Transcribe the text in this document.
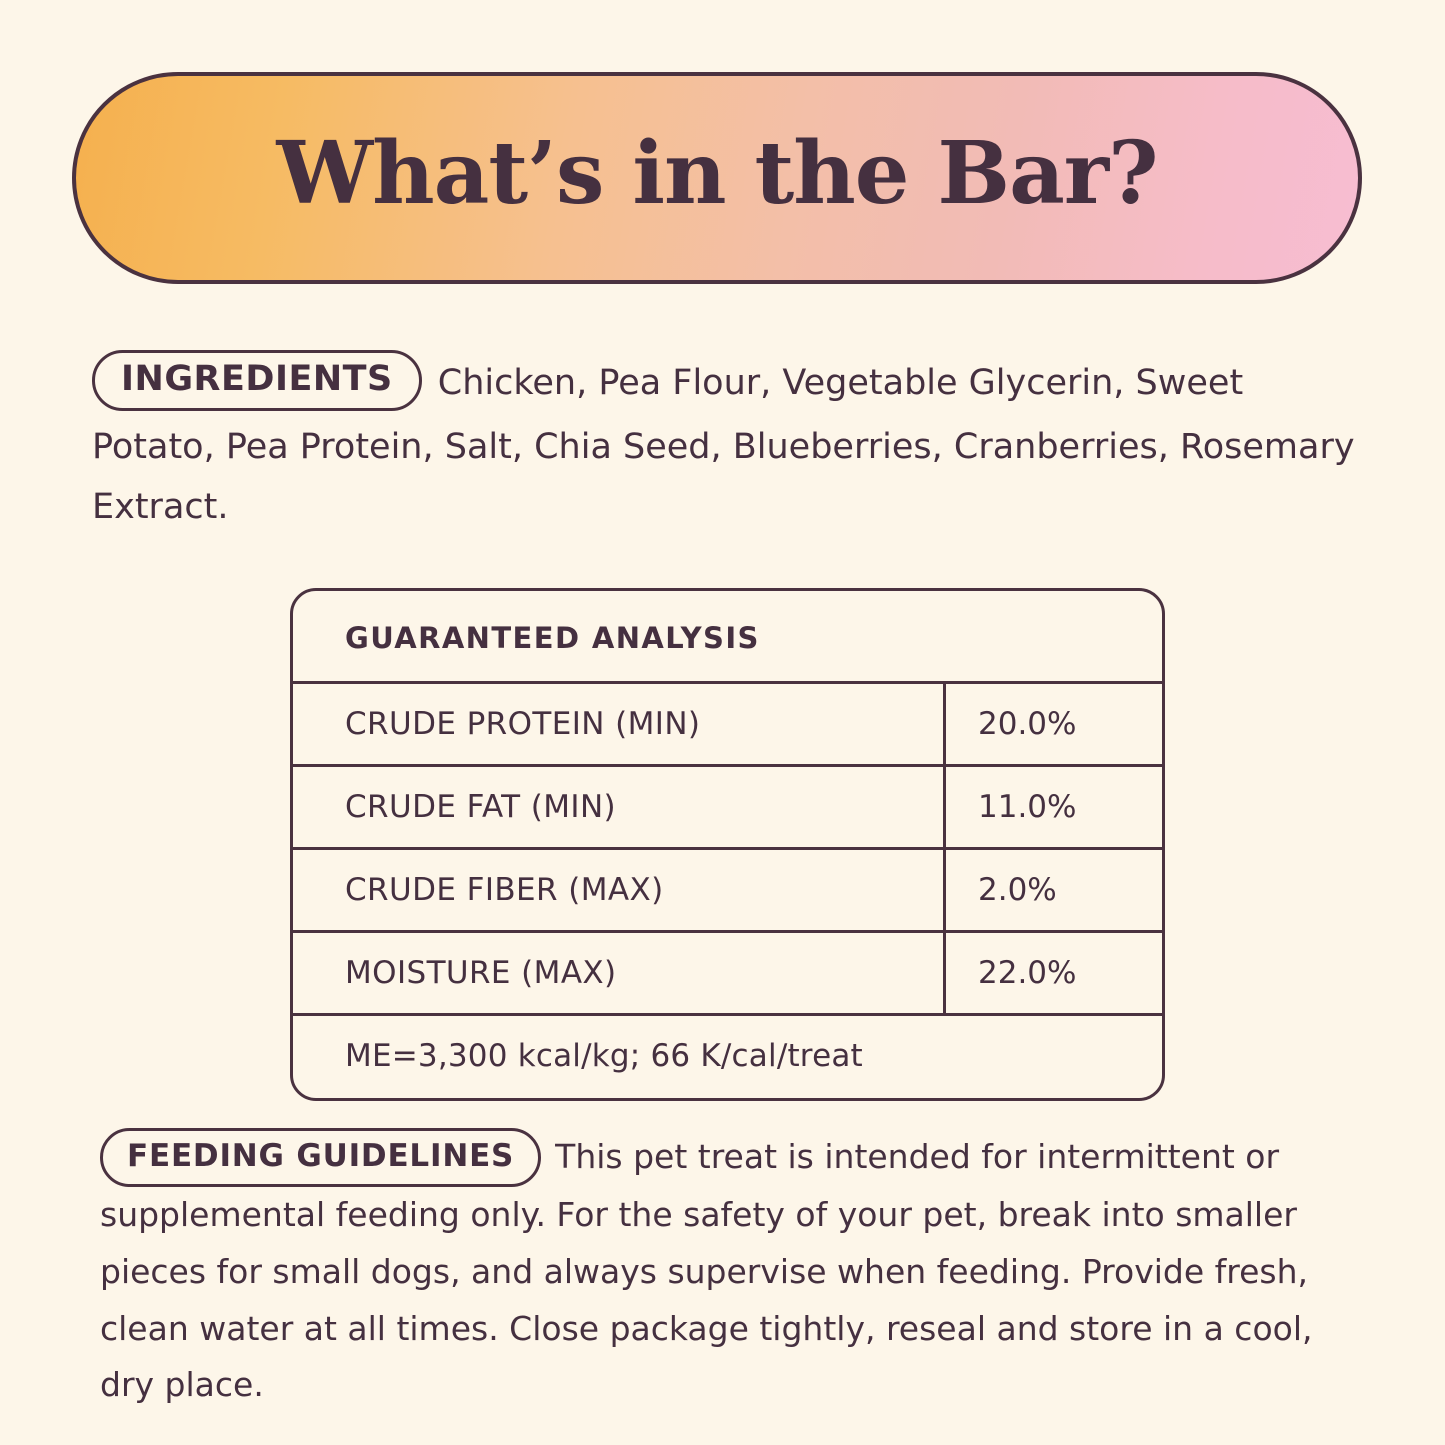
What’s in the Bar?
INGREDIENTS Chicken, Pea Flour, Vegetable Glycerin, Sweet Potato, Pea Protein, Salt, Chia Seed, Blueberries, Cranberries, Rosemary Extract.
GUARANTEED ANALYSIS
CRUDE PROTEIN (MIN)	20.0%
CRUDE FAT (MIN)	11.0%
CRUDE FIBER (MAX)	2.0%
MOISTURE (MAX)	22.0%
ME=3,300 kcal/kg; 66 K/cal/treat
FEEDING GUIDELINES This pet treat is intended for intermittent or supplemental feeding only. For the safety of your pet, break into smaller pieces for small dogs, and always supervise when feeding. Provide fresh, clean water at all times. Close package tightly, reseal and store in a cool, dry place.
